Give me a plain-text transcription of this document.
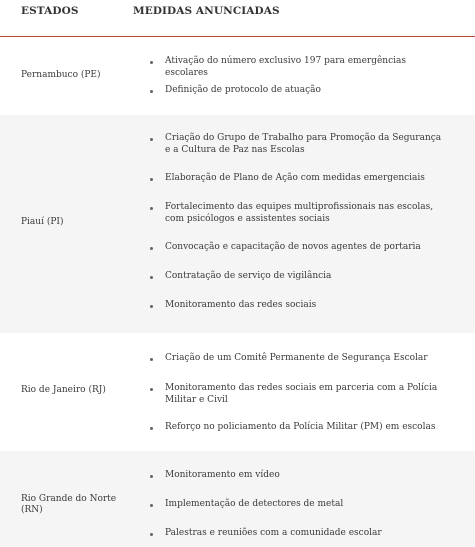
ESTADOS	MEDIDAS ANUNCIADAS
Pernambuco (PE)
Ativação do número exclusivo 197 para emergências escolares
Definição de protocolo de atuação
Piauí (PI)
Criação do Grupo de Trabalho para Promoção da Segurança e a Cultura de Paz nas Escolas
Elaboração de Plano de Ação com medidas emergenciais
Fortalecimento das equipes multiprofissionais nas escolas, com psicólogos e assistentes sociais
Convocação e capacitação de novos agentes de portaria
Contratação de serviço de vigilância
Monitoramento das redes sociais
Rio de Janeiro (RJ)
Criação de um Comitê Permanente de Segurança Escolar
Monitoramento das redes sociais em parceria com a Polícia Militar e Civil
Reforço no policiamento da Polícia Militar (PM) em escolas
Rio Grande do Norte (RN)
Monitoramento em vídeo
Implementação de detectores de metal
Palestras e reuniões com a comunidade escolar
